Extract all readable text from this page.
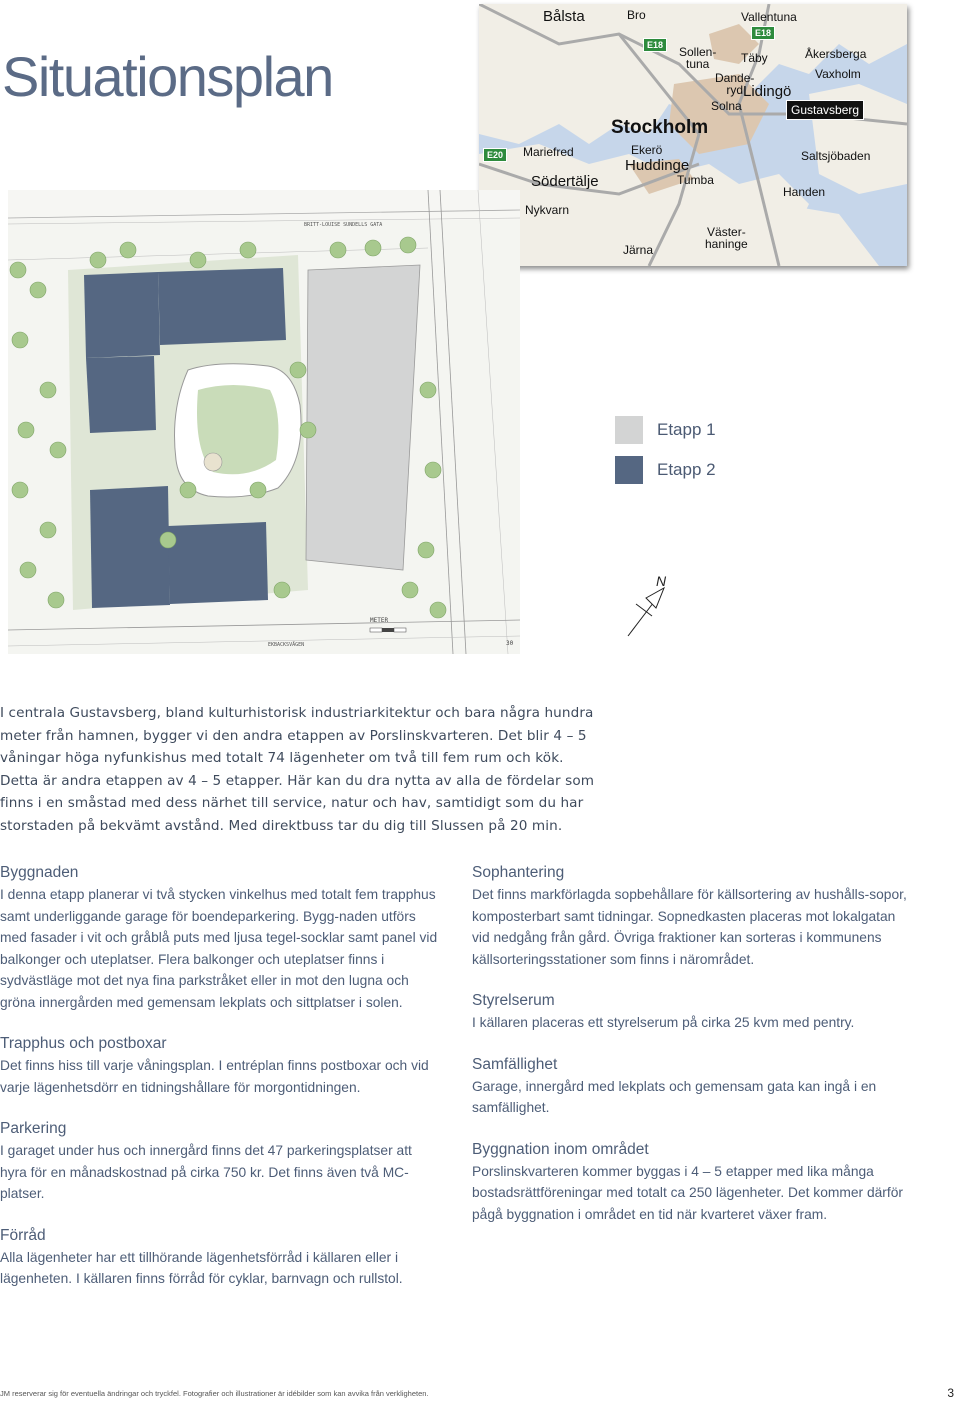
Situationsplan
Bålsta	Bro	Vallentuna
Sollen-
tuna	Täby	Åkersberga
Dande-
ryd
Vaxholm
Lidingö
Solna
Stockholm
Mariefred	Ekerö
Huddinge
Saltsjöbaden
Södertälje	Tumba
Handen
Nykvarn
Väster-
haninge
Järna
E18
E18
E20
Gustavsberg
BRITT-LOUISE SUNDELLS GATA
EKBACKSVÄGEN
METER
30
Etapp 1
Etapp 2
N

I centrala Gustavsberg, bland kulturhistorisk industriarkitektur och bara några hundra meter från hamnen, bygger vi den andra etappen av Porslinskvarteren. Det blir 4 – 5 våningar höga nyfunkishus med totalt 74 lägenheter om två till fem rum och kök. Detta är andra etappen av 4 – 5 etapper. Här kan du dra nytta av alla de fördelar som finns i en småstad med dess närhet till service, natur och hav, samtidigt som du har storstaden på bekvämt avstånd. Med direktbuss tar du dig till Slussen på 20 min.

Byggnaden
I denna etapp planerar vi två stycken vinkelhus med totalt fem trapphus samt underliggande garage för boendeparkering. Bygg-naden utförs med fasader i vit och gråblå puts med ljusa tegel-socklar samt panel vid balkonger och uteplatser. Flera balkonger och uteplatser finns i sydvästläge mot det nya fina parkstråket eller in mot den lugna och gröna innergården med gemensam lekplats och sittplatser i solen.
Trapphus och postboxar
Det finns hiss till varje våningsplan. I entréplan finns postboxar och vid varje lägenhetsdörr en tidningshållare för morgontidningen.
Parkering
I garaget under hus och innergård finns det 47 parkeringsplatser att hyra för en månadskostnad på cirka 750 kr. Det finns även två MC-platser.
Förråd
Alla lägenheter har ett tillhörande lägenhetsförråd i källaren eller i lägenheten. I källaren finns förråd för cyklar, barnvagn och rullstol.
Sophantering
Det finns markförlagda sopbehållare för källsortering av hushålls-sopor, komposterbart samt tidningar. Sopnedkasten placeras mot lokalgatan vid nedgång från gård. Övriga fraktioner kan sorteras i kommunens källsorteringsstationer som finns i närområdet.
Styrelserum
I källaren placeras ett styrelserum på cirka 25 kvm med pentry.
Samfällighet
Garage, innergård med lekplats och gemensam gata kan ingå i en samfällighet.
Byggnation inom området
Porslinskvarteren kommer byggas i 4 – 5 etapper med lika många bostadsrättföreningar med totalt ca 250 lägenheter. Det kommer därför pågå byggnation i området en tid när kvarteret växer fram.
JM reserverar sig för eventuella ändringar och tryckfel. Fotografier och illustrationer är idébilder som kan avvika från verkligheten.	3
